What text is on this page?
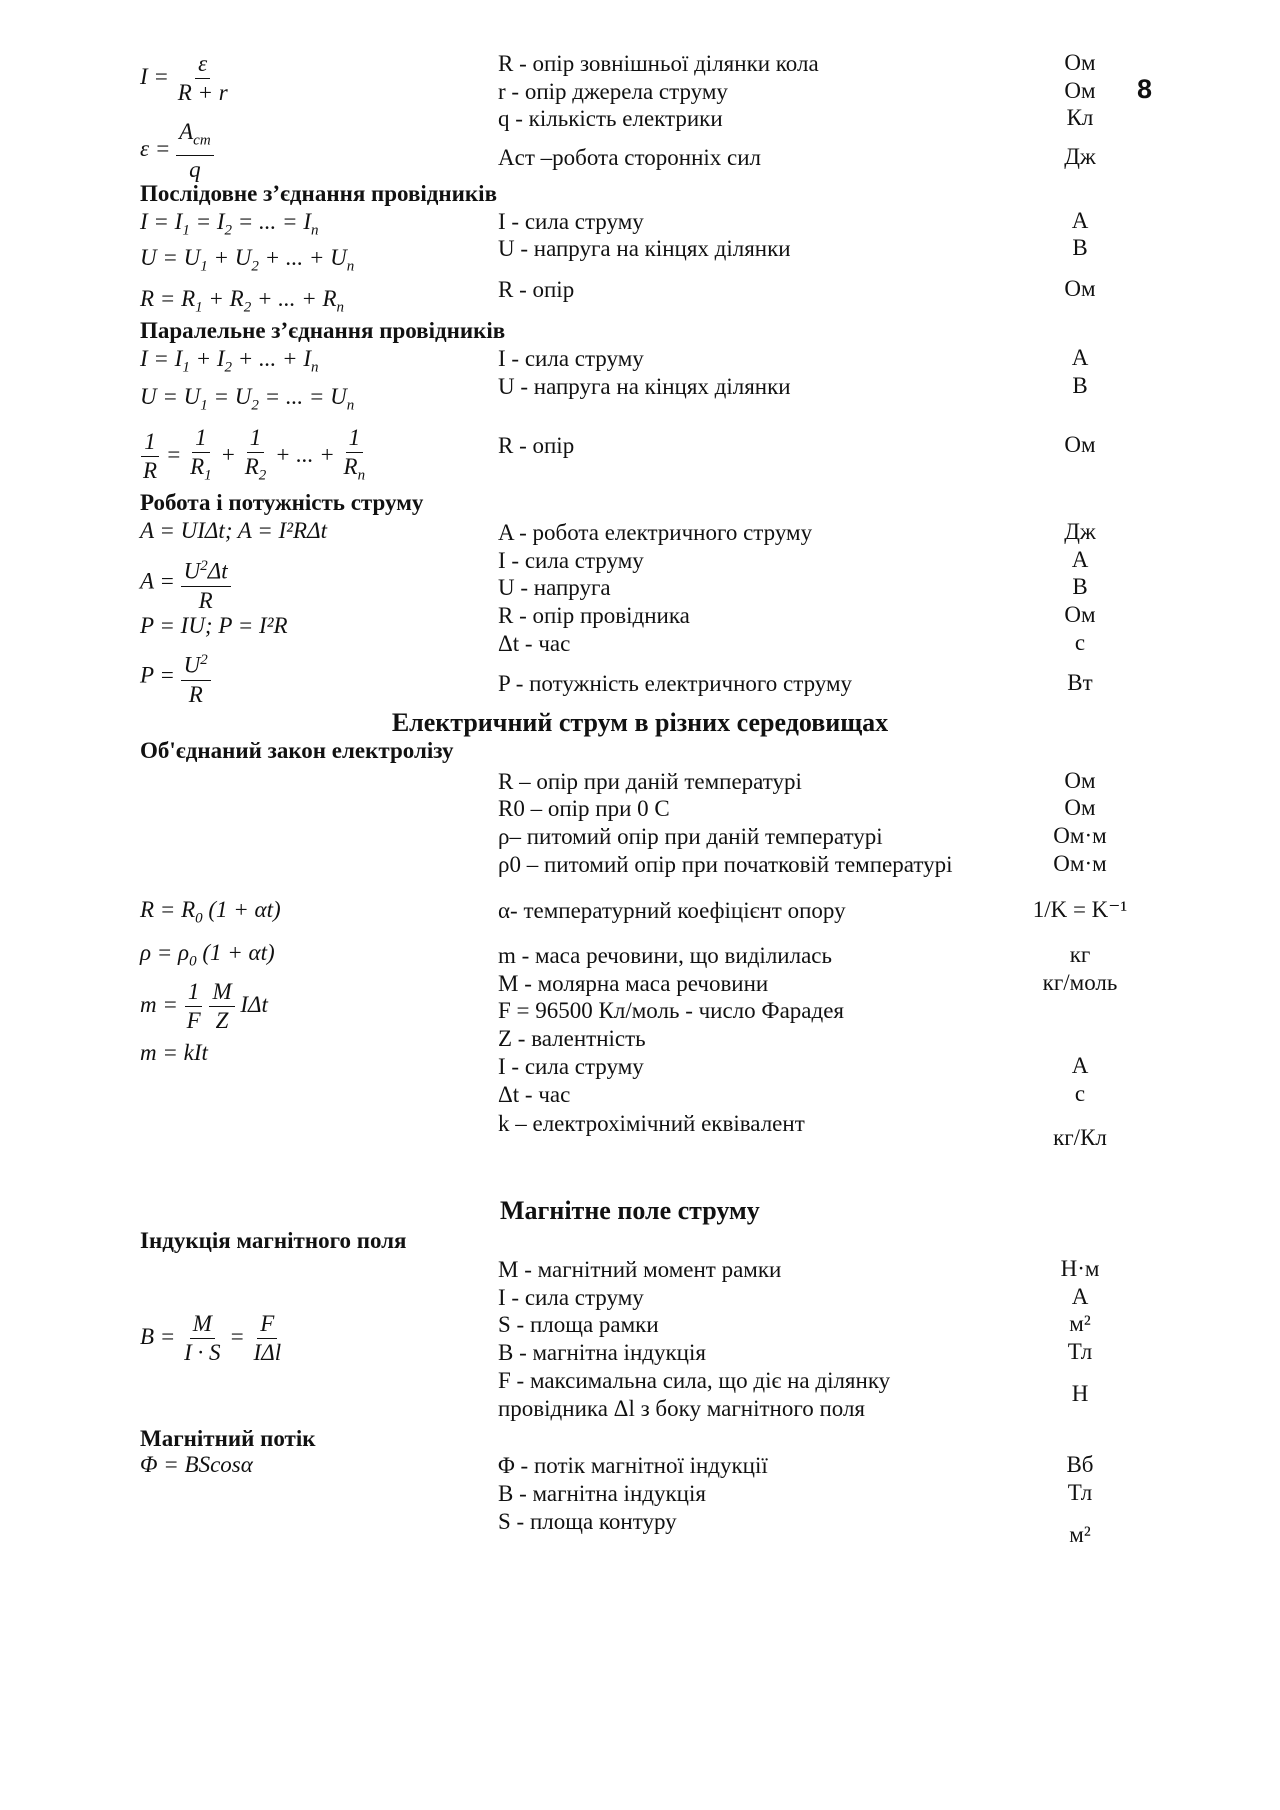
8
$I = \frac{\varepsilon}{R + r}$
$\varepsilon = \frac{A_{ст}}{q}$
R - опір зовнішньої ділянки кола
r - опір джерела струму
q - кількість електрики
Aст –робота сторонніх сил
Ом
Ом
Кл
Дж
Послідовне з’єднання провідників
$I = I_1 = I_2$ = ... = $I_n$
$U = U_1 + U_2$ + ... + $U_n$
$R = R_1 + R_2$ + ... + $R_n$
I - сила струму
U - напруга на кінцях ділянки
R - опір
А
В
Ом
Паралельне з’єднання провідників
$I = I_1 + I_2$ + ... + $I_n$
$U = U_1 = U_2$ = ... = $U_n$
$\frac{1}{R} = \frac{1}{R_1} + \frac{1}{R_2}$ + ... + $\frac{1}{R_n}$
I - сила струму
U - напруга на кінцях ділянки
R - опір
А
В
Ом
Робота і потужність струму
A = UIΔt; A = I²RΔt
$A = \frac{U^2\Delta t}{R}$
P = IU; P = I²R
$P = \frac{U^2}{R}$
A - робота електричного струму
I - сила струму
U - напруга
R - опір провідника
Δt - час
P - потужність електричного струму
Дж
А
В
Ом
с
Вт
Електричний струм в різних середовищах
Об'єднаний закон електролізу
$R = R_0$ (1 + αt)
$\rho = \rho_0$ (1 + αt)
$m = \frac{1}{F}$
$\frac{M}{Z}$ IΔt
m = kIt
R – опір при даній температурі
R0 – опір при 0 С
ρ– питомий опір при даній температурі
ρ0 – питомий опір при початковій температурі
α- температурний коефіцієнт опору
m - маса речовини, що виділилась
M - молярна маса речовини
F = 96500 Кл/моль - число Фарадея
Z - валентність
I - сила струму
Δt - час
k – електрохімічний еквівалент
Ом
Ом
Ом·м
Ом·м
1/K = K⁻¹
кг
кг/моль
А
с
кг/Кл
Магнітне поле струму
Індукція магнітного поля
$B = \frac{M}{I \cdot S} = \frac{F}{\text{IΔl}}$
M - магнітний момент рамки
I - сила струму
S - площа рамки
B - магнітна індукція
F - максимальна сила, що діє на ділянку
провідника Δl з боку магнітного поля
Н·м
А
м²
Тл
Н
Магнітний потік
Φ = BScosα	Φ - потік магнітної індукції
B - магнітна індукція
S - площа контуру
Вб
Тл
м²
